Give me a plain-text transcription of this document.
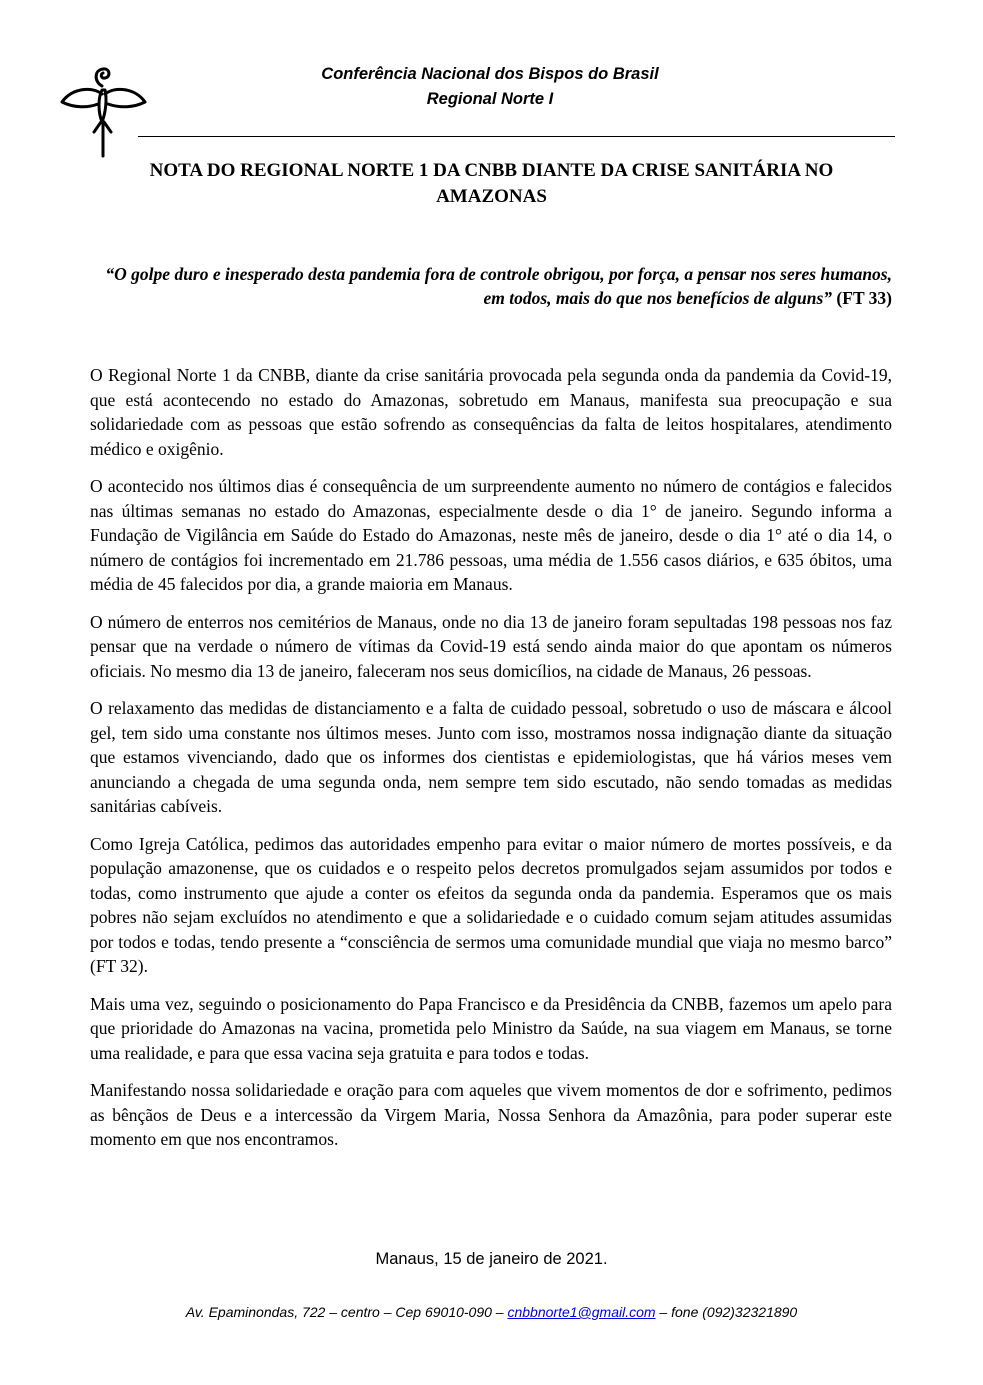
Conferência Nacional dos Bispos do Brasil
Regional Norte I
NOTA DO REGIONAL NORTE 1 DA CNBB DIANTE DA CRISE SANITÁRIA NO AMAZONAS
“O golpe duro e inesperado desta pandemia fora de controle obrigou, por força, a pensar nos seres humanos, em todos, mais do que nos benefícios de alguns” (FT 33)

O Regional Norte 1 da CNBB, diante da crise sanitária provocada pela segunda onda da pandemia da Covid-19, que está acontecendo no estado do Amazonas, sobretudo em Manaus, manifesta sua preocupação e sua solidariedade com as pessoas que estão sofrendo as consequências da falta de leitos hospitalares, atendimento médico e oxigênio.

O acontecido nos últimos dias é consequência de um surpreendente aumento no número de contágios e falecidos nas últimas semanas no estado do Amazonas, especialmente desde o dia 1° de janeiro. Segundo informa a Fundação de Vigilância em Saúde do Estado do Amazonas, neste mês de janeiro, desde o dia 1° até o dia 14, o número de contágios foi incrementado em 21.786 pessoas, uma média de 1.556 casos diários, e 635 óbitos, uma média de 45 falecidos por dia, a grande maioria em Manaus.

O número de enterros nos cemitérios de Manaus, onde no dia 13 de janeiro foram sepultadas 198 pessoas nos faz pensar que na verdade o número de vítimas da Covid-19 está sendo ainda maior do que apontam os números oficiais. No mesmo dia 13 de janeiro, faleceram nos seus domicílios, na cidade de Manaus, 26 pessoas.

O relaxamento das medidas de distanciamento e a falta de cuidado pessoal, sobretudo o uso de máscara e álcool gel, tem sido uma constante nos últimos meses. Junto com isso, mostramos nossa indignação diante da situação que estamos vivenciando, dado que os informes dos cientistas e epidemiologistas, que há vários meses vem anunciando a chegada de uma segunda onda, nem sempre tem sido escutado, não sendo tomadas as medidas sanitárias cabíveis.

Como Igreja Católica, pedimos das autoridades empenho para evitar o maior número de mortes possíveis, e da população amazonense, que os cuidados e o respeito pelos decretos promulgados sejam assumidos por todos e todas, como instrumento que ajude a conter os efeitos da segunda onda da pandemia. Esperamos que os mais pobres não sejam excluídos no atendimento e que a solidariedade e o cuidado comum sejam atitudes assumidas por todos e todas, tendo presente a “consciência de sermos uma comunidade mundial que viaja no mesmo barco” (FT 32).

Mais uma vez, seguindo o posicionamento do Papa Francisco e da Presidência da CNBB, fazemos um apelo para que prioridade do Amazonas na vacina, prometida pelo Ministro da Saúde, na sua viagem em Manaus, se torne uma realidade, e para que essa vacina seja gratuita e para todos e todas.

Manifestando nossa solidariedade e oração para com aqueles que vivem momentos de dor e sofrimento, pedimos as bênçãos de Deus e a intercessão da Virgem Maria, Nossa Senhora da Amazônia, para poder superar este momento em que nos encontramos.

Manaus, 15 de janeiro de 2021.
Av. Epaminondas, 722 – centro – Cep 69010-090 – cnbbnorte1@gmail.com – fone (092)32321890
